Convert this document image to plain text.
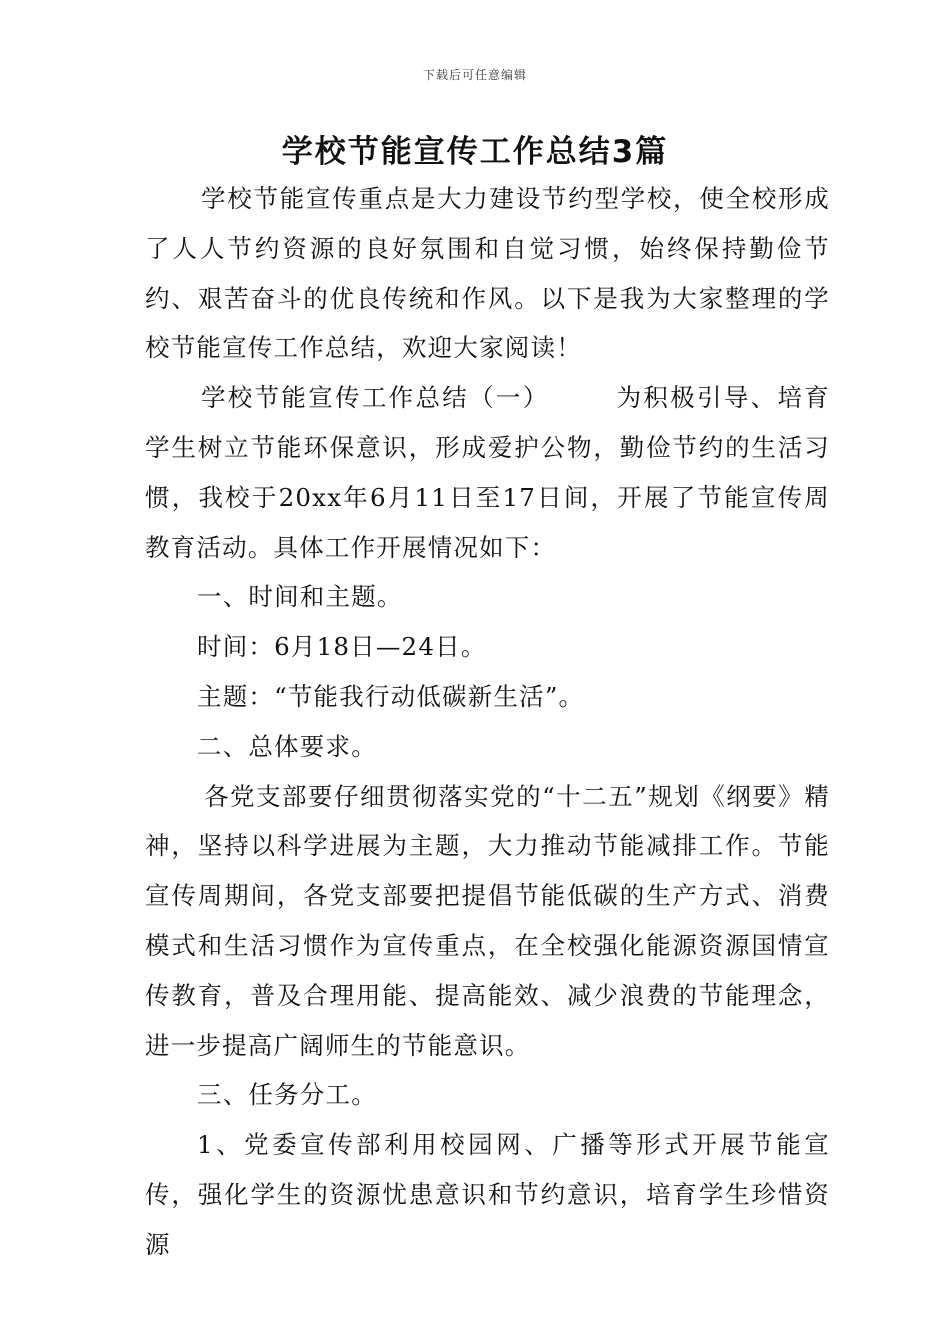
下载后可任意编辑
学校节能宣传工作总结3篇

学校节能宣传重点是大力建设节约型学校，使全校形成了人人节约资源的良好氛围和自觉习惯，始终保持勤俭节约、艰苦奋斗的优良传统和作风。以下是我为大家整理的学校节能宣传工作总结，欢迎大家阅读！

学校节能宣传工作总结（一）	为积极引导、培育学生树立节能环保意识，形成爱护公物，勤俭节约的生活习惯，我校于20xx年6月11日至17日间，开展了节能宣传周教育活动。具体工作开展情况如下：

一、时间和主题。

时间：6月18日—24日。

主题：“节能我行动低碳新生活”。

二、总体要求。

各党支部要仔细贯彻落实党的“十二五”规划《纲要》精神，坚持以科学进展为主题，大力推动节能减排工作。节能宣传周期间，各党支部要把提倡节能低碳的生产方式、消费模式和生活习惯作为宣传重点，在全校强化能源资源国情宣传教育，普及合理用能、提高能效、减少浪费的节能理念，进一步提高广阔师生的节能意识。

三、任务分工。

1、党委宣传部利用校园网、广播等形式开展节能宣传，强化学生的资源忧患意识和节约意识，培育学生珍惜资源
